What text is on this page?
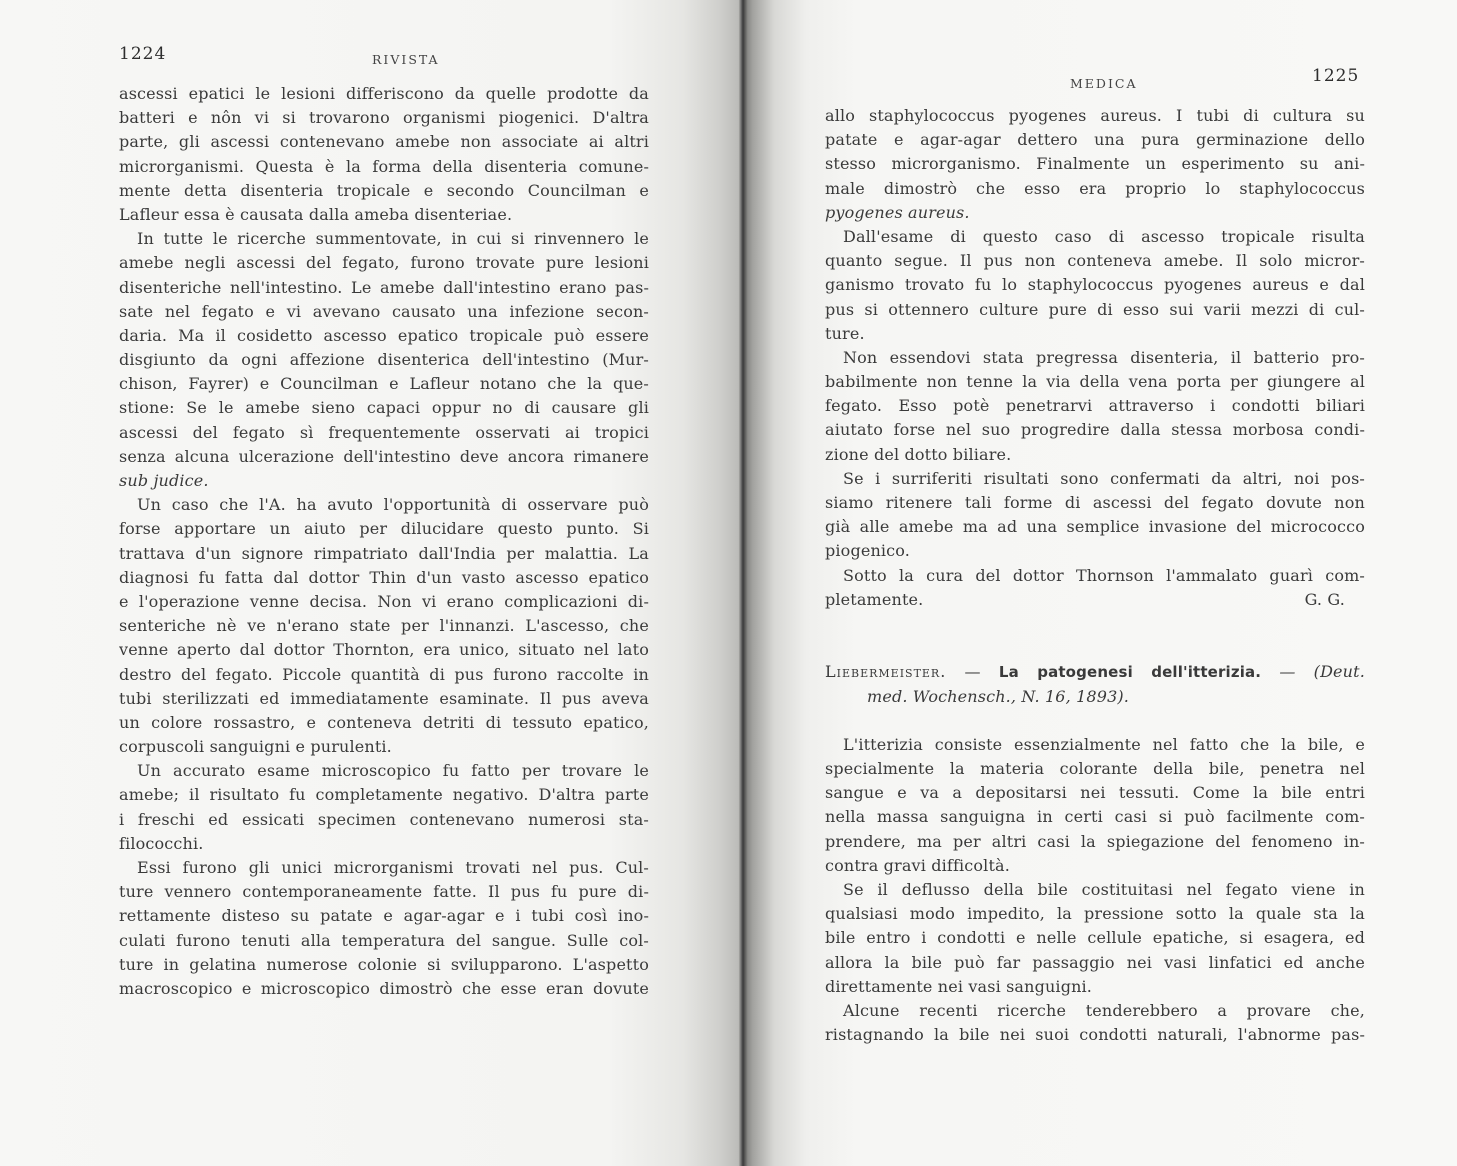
1224	RIVISTA
ascessi epatici le lesioni differiscono da quelle prodotte da
batteri e nôn vi si trovarono organismi piogenici. D'altra
parte, gli ascessi contenevano amebe non associate ai altri
microrganismi. Questa è la forma della disenteria comune-
mente detta disenteria tropicale e secondo Councilman e
Lafleur essa è causata dalla ameba disenteriae.
In tutte le ricerche summentovate, in cui si rinvennero le
amebe negli ascessi del fegato, furono trovate pure lesioni
disenteriche nell'intestino. Le amebe dall'intestino erano pas-
sate nel fegato e vi avevano causato una infezione secon-
daria. Ma il cosidetto ascesso epatico tropicale può essere
disgiunto da ogni affezione disenterica dell'intestino (Mur-
chison, Fayrer) e Councilman e Lafleur notano che la que-
stione: Se le amebe sieno capaci oppur no di causare gli
ascessi del fegato sì frequentemente osservati ai tropici
senza alcuna ulcerazione dell'intestino deve ancora rimanere
sub judice.
Un caso che l'A. ha avuto l'opportunità di osservare può
forse apportare un aiuto per dilucidare questo punto. Si
trattava d'un signore rimpatriato dall'India per malattia. La
diagnosi fu fatta dal dottor Thin d'un vasto ascesso epatico
e l'operazione venne decisa. Non vi erano complicazioni di-
senteriche nè ve n'erano state per l'innanzi. L'ascesso, che
venne aperto dal dottor Thornton, era unico, situato nel lato
destro del fegato. Piccole quantità di pus furono raccolte in
tubi sterilizzati ed immediatamente esaminate. Il pus aveva
un colore rossastro, e conteneva detriti di tessuto epatico,
corpuscoli sanguigni e purulenti.
Un accurato esame microscopico fu fatto per trovare le
amebe; il risultato fu completamente negativo. D'altra parte
i freschi ed essicati specimen contenevano numerosi sta-
filococchi.
Essi furono gli unici microrganismi trovati nel pus. Cul-
ture vennero contemporaneamente fatte. Il pus fu pure di-
rettamente disteso su patate e agar-agar e i tubi così ino-
culati furono tenuti alla temperatura del sangue. Sulle col-
ture in gelatina numerose colonie si svilupparono. L'aspetto
macroscopico e microscopico dimostrò che esse eran dovute
MEDICA	1225
allo staphylococcus pyogenes aureus. I tubi di cultura su
patate e agar-agar dettero una pura germinazione dello
stesso microrganismo. Finalmente un esperimento su ani-
male dimostrò che esso era proprio lo staphylococcus
pyogenes aureus.
Dall'esame di questo caso di ascesso tropicale risulta
quanto segue. Il pus non conteneva amebe. Il solo micror-
ganismo trovato fu lo staphylococcus pyogenes aureus e dal
pus si ottennero culture pure di esso sui varii mezzi di cul-
ture.
Non essendovi stata pregressa disenteria, il batterio pro-
babilmente non tenne la via della vena porta per giungere al
fegato. Esso potè penetrarvi attraverso i condotti biliari
aiutato forse nel suo progredire dalla stessa morbosa condi-
zione del dotto biliare.
Se i surriferiti risultati sono confermati da altri, noi pos-
siamo ritenere tali forme di ascessi del fegato dovute non
già alle amebe ma ad una semplice invasione del micrococco
piogenico.
Sotto la cura del dottor Thornson l'ammalato guarì com-
pletamente.	G. G.
Liebermeister. — La patogenesi dell'itterizia. — (Deut.
med. Wochensch., N. 16, 1893).
L'itterizia consiste essenzialmente nel fatto che la bile, e
specialmente la materia colorante della bile, penetra nel
sangue e va a depositarsi nei tessuti. Come la bile entri
nella massa sanguigna in certi casi si può facilmente com-
prendere, ma per altri casi la spiegazione del fenomeno in-
contra gravi difficoltà.
Se il deflusso della bile costituitasi nel fegato viene in
qualsiasi modo impedito, la pressione sotto la quale sta la
bile entro i condotti e nelle cellule epatiche, si esagera, ed
allora la bile può far passaggio nei vasi linfatici ed anche
direttamente nei vasi sanguigni.
Alcune recenti ricerche tenderebbero a provare che,
ristagnando la bile nei suoi condotti naturali, l'abnorme pas-
